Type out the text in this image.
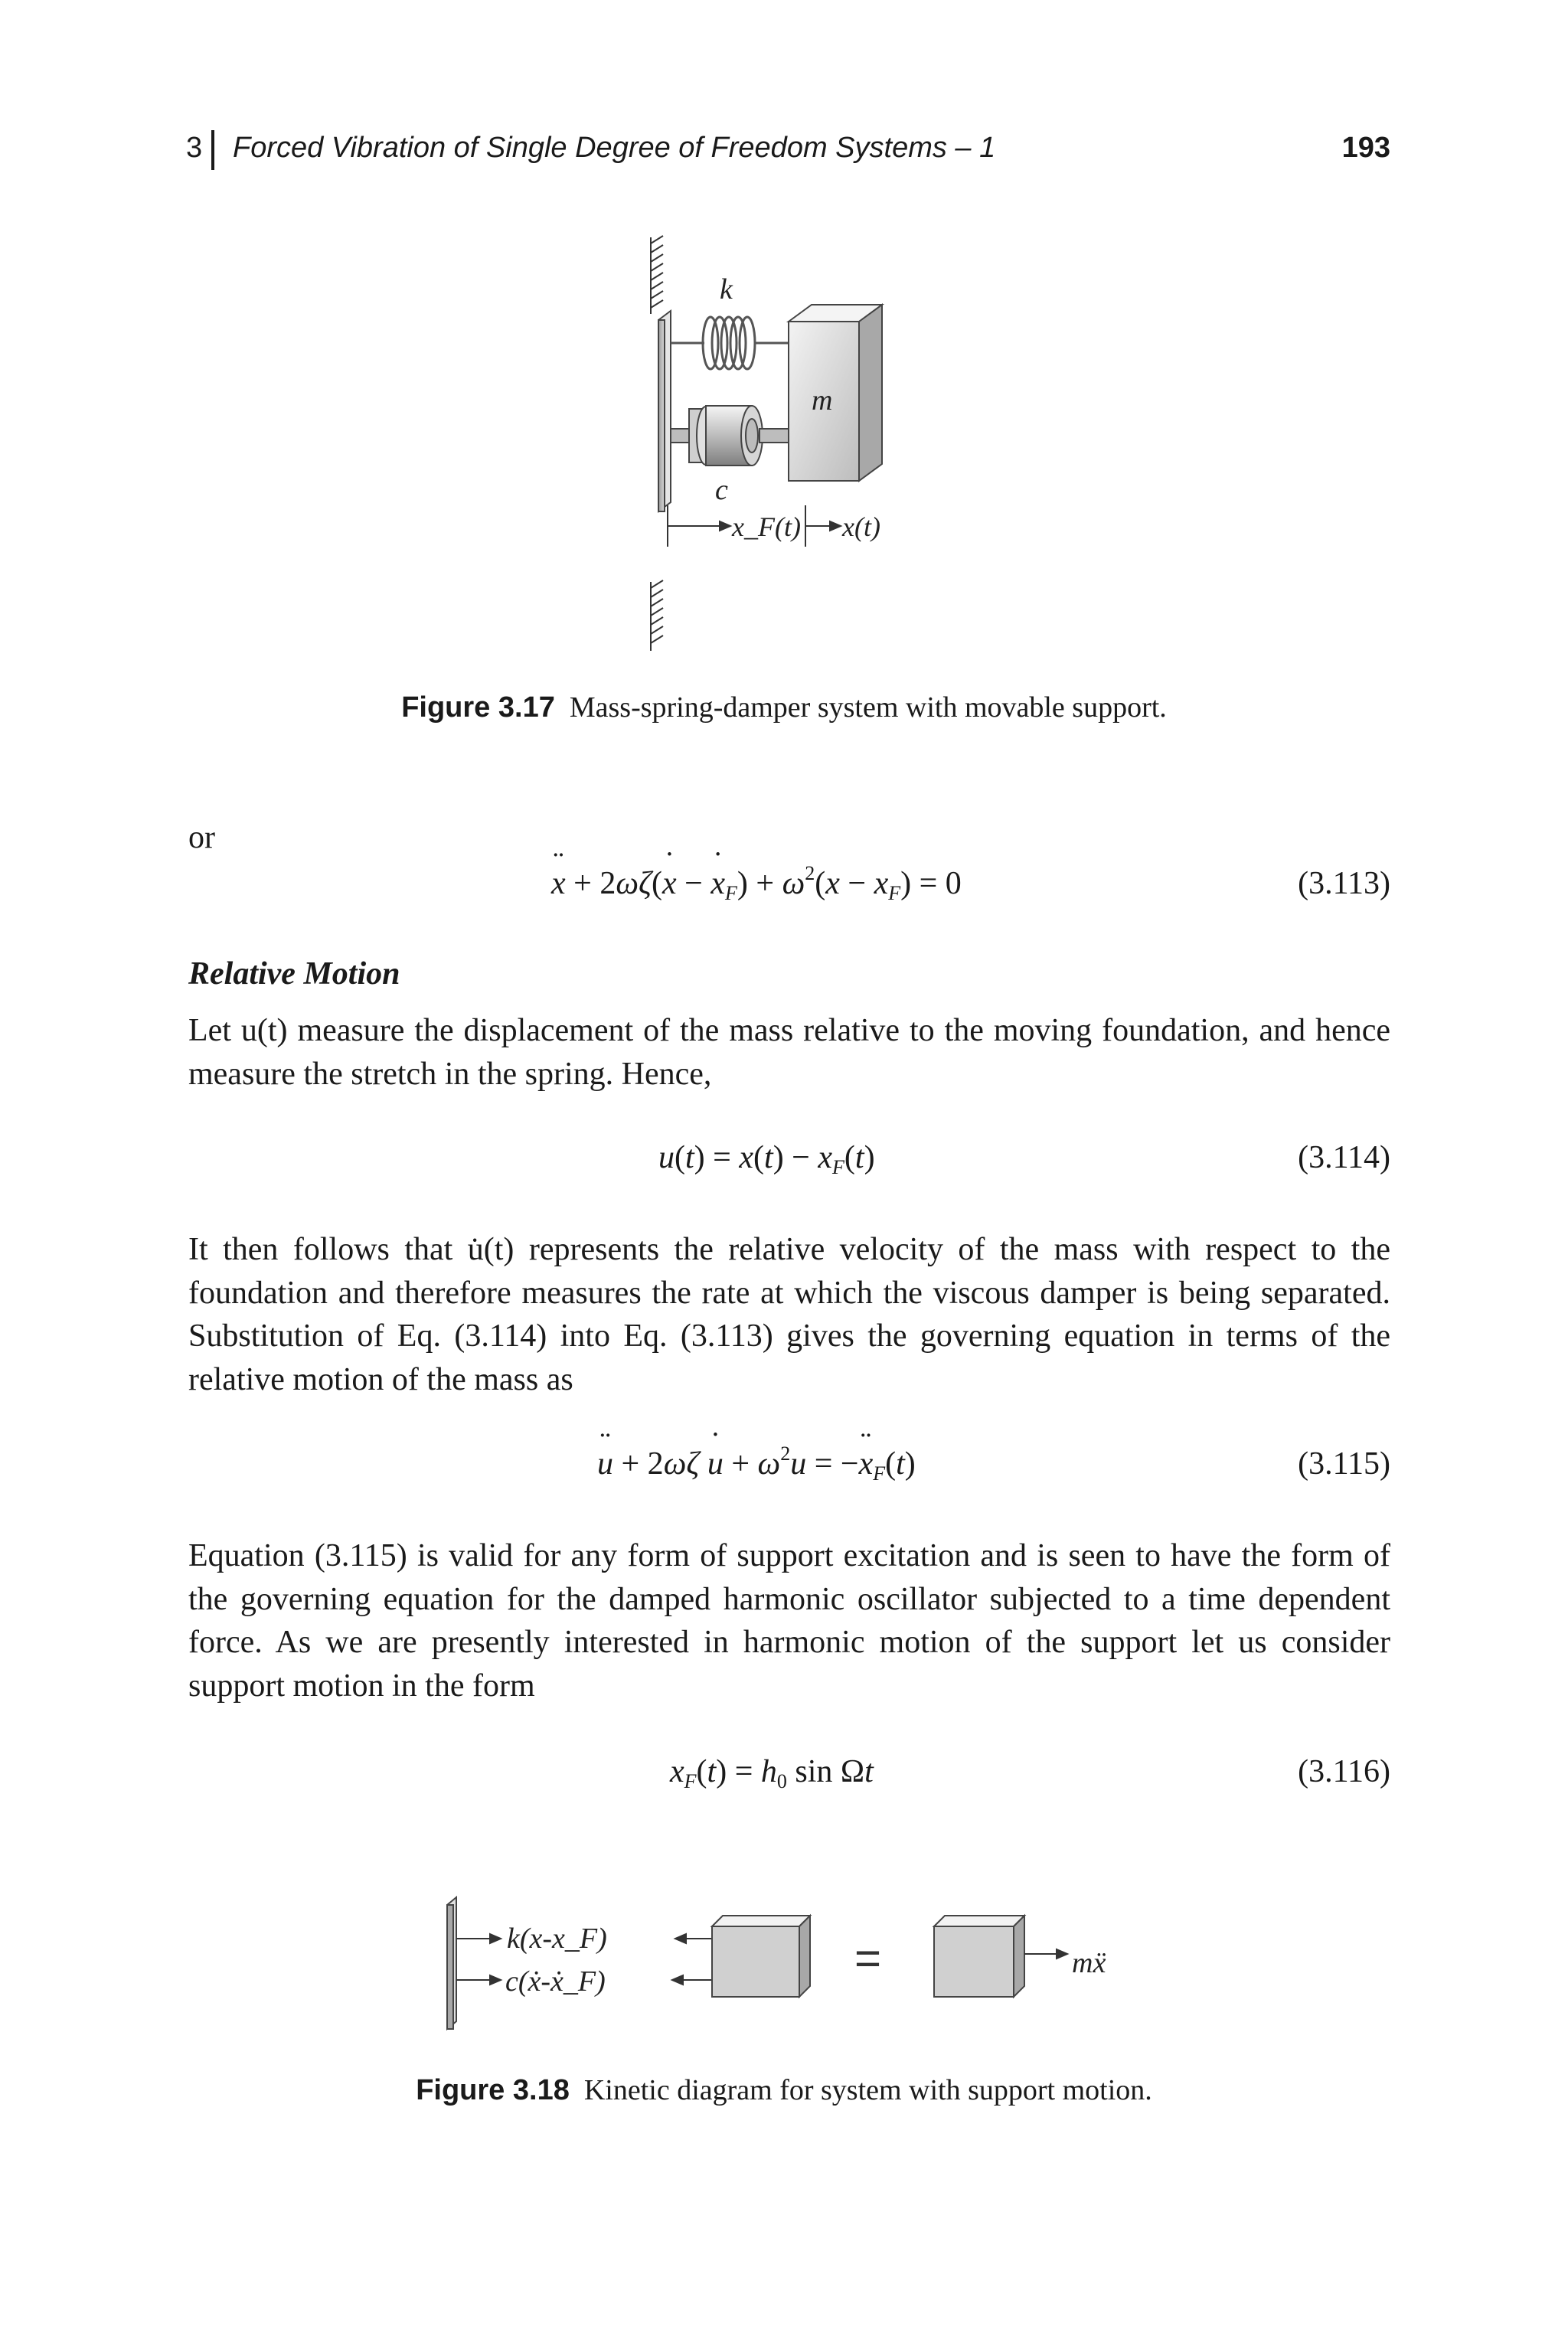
3 Forced Vibration of Single Degree of Freedom Systems – 1	193
k
m
c
x_F(t) x(t)
Figure 3.17 Mass-spring-damper system with movable support.
or
x ¨ + 2ωζ(x ˙ − x $˙_F) + \omega^2(x - x_F) = 0$	(3.113)
Relative Motion
Let u(t) measure the displacement of the mass relative to the moving foundation, and hence measure the stretch in the spring. Hence,
$u(t) = x(t) - x_F(t)$	(3.114)
It then follows that u̇(t) represents the relative velocity of the mass with respect to the foundation and therefore measures the rate at which the viscous damper is being separated. Substitution of Eq. (3.114) into Eq. (3.113) gives the governing equation in terms of the relative motion of the mass as
u ¨ + 2ωζ u ˙ + $\omega^2u = -x$ $¨_F(t)$	(3.115)
Equation (3.115) is valid for any form of support excitation and is seen to have the form of the governing equation for the damped harmonic oscillator subjected to a time dependent force. As we are presently interested in harmonic motion of the support let us consider support motion in the form
$x_F(t) = h_0$ sin Ωt	(3.116)
k(x-x_F)
c(ẋ-ẋ_F)	=	mẍ
Figure 3.18 Kinetic diagram for system with support motion.
